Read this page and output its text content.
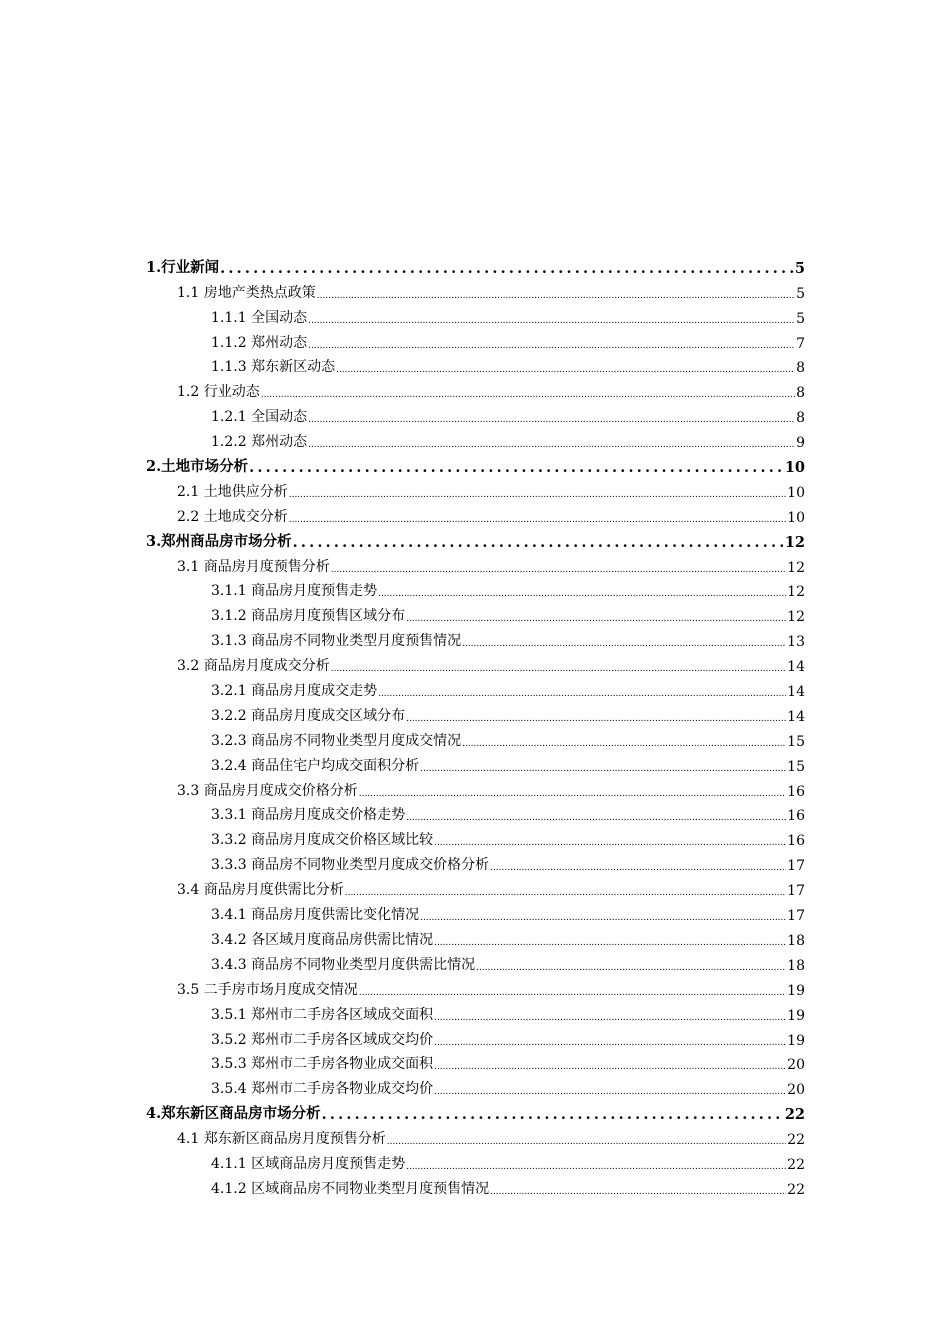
1.行业新闻 .....	5
1.1 房地产类热点政策 .....	5
1.1.1 全国动态 .....	5
1.1.2 郑州动态 .....	7
1.1.3 郑东新区动态 .....	8
1.2 行业动态 .....	8
1.2.1 全国动态 .....	8
1.2.2 郑州动态 .....	9
2.土地市场分析 .....	10
2.1 土地供应分析 .....	10
2.2 土地成交分析 .....	10
3.郑州商品房市场分析 .....	12
3.1 商品房月度预售分析 .....	12
3.1.1 商品房月度预售走势 .....	12
3.1.2 商品房月度预售区域分布 .....	12
3.1.3 商品房不同物业类型月度预售情况 .....	13
3.2 商品房月度成交分析 .....	14
3.2.1 商品房月度成交走势 .....	14
3.2.2 商品房月度成交区域分布 .....	14
3.2.3 商品房不同物业类型月度成交情况 .....	15
3.2.4 商品住宅户均成交面积分析 .....	15
3.3 商品房月度成交价格分析 .....	16
3.3.1 商品房月度成交价格走势 .....	16
3.3.2 商品房月度成交价格区域比较 .....	16
3.3.3 商品房不同物业类型月度成交价格分析 .....	17
3.4 商品房月度供需比分析 .....	17
3.4.1 商品房月度供需比变化情况 .....	17
3.4.2 各区域月度商品房供需比情况 .....	18
3.4.3 商品房不同物业类型月度供需比情况 .....	18
3.5 二手房市场月度成交情况 .....	19
3.5.1 郑州市二手房各区域成交面积 .....	19
3.5.2 郑州市二手房各区域成交均价 .....	19
3.5.3 郑州市二手房各物业成交面积 .....	20
3.5.4 郑州市二手房各物业成交均价 .....	20
4.郑东新区商品房市场分析 .....	22
4.1 郑东新区商品房月度预售分析 .....	22
4.1.1 区域商品房月度预售走势 .....	22
4.1.2 区域商品房不同物业类型月度预售情况 .....	22
